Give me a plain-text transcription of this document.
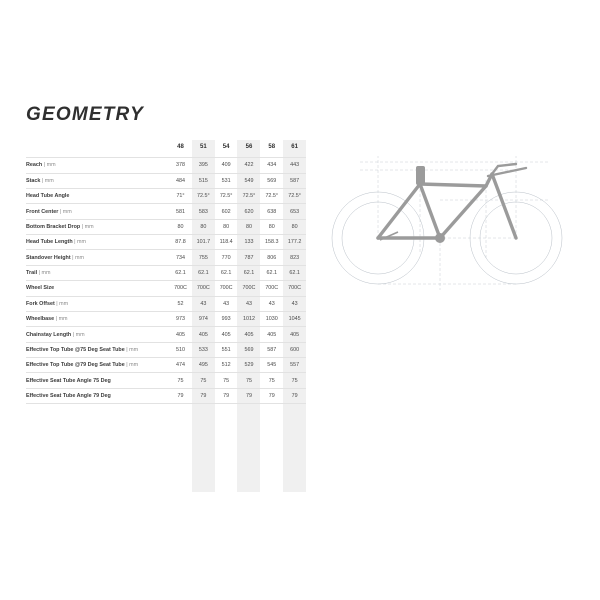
GEOMETRY
	48	51	54	56	58	61
Reach | mm	378	395	409	422	434	443
Stack | mm	484	515	531	549	569	587
Head Tube Angle	71°	72.5°	72.5°	72.5°	72.5°	72.5°
Front Center | mm	581	583	602	620	638	653
Bottom Bracket Drop | mm	80	80	80	80	80	80
Head Tube Length | mm	87.8	101.7	118.4	133	158.3	177.2
Standover Height | mm	734	755	770	787	806	823
Trail | mm	62.1	62.1	62.1	62.1	62.1	62.1
Wheel Size	700C	700C	700C	700C	700C	700C
Fork Offset | mm	52	43	43	43	43	43
Wheelbase | mm	973	974	993	1012	1030	1045
Chainstay Length | mm	405	405	405	405	405	405
Effective Top Tube @75 Deg Seat Tube | mm	510	533	551	569	587	600
Effective Top Tube @79 Deg Seat Tube | mm	474	495	512	529	545	557
Effective Seat Tube Angle 75 Deg	75	75	75	75	75	75
Effective Seat Tube Angle 79 Deg	79	79	79	79	79	79
